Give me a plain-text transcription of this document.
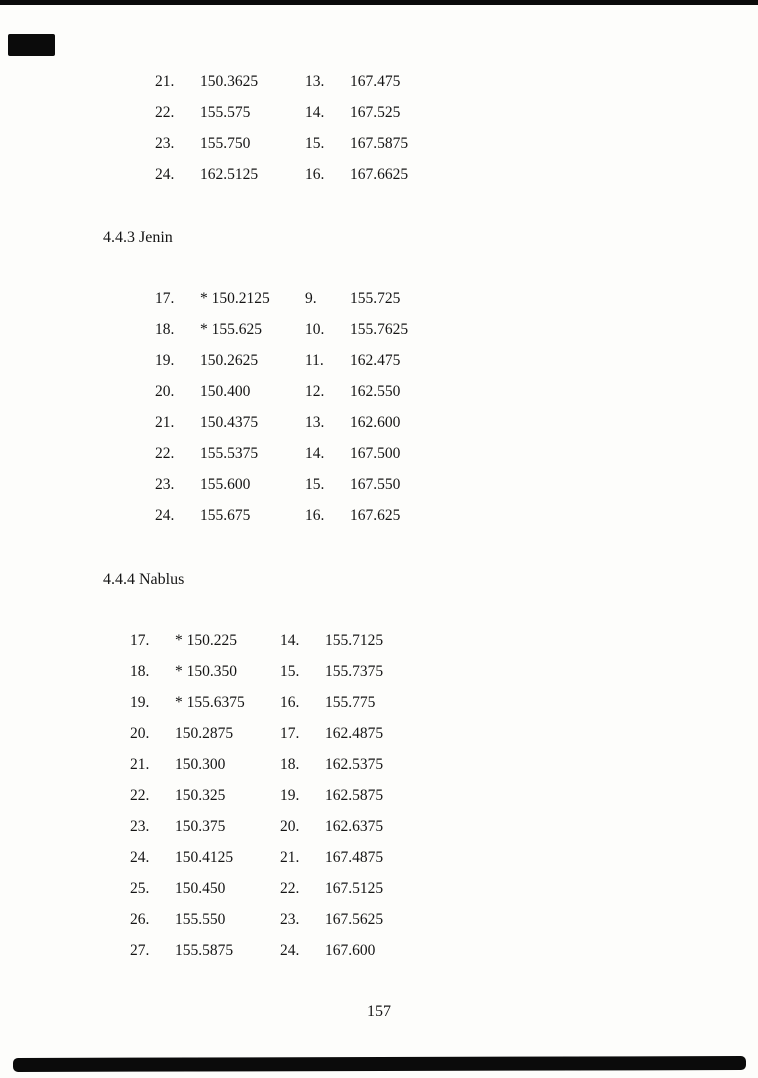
21.	150.3625	13.	167.475
22.	155.575	14.	167.525
23.	155.750	15.	167.5875
24.	162.5125	16.	167.6625
4.4.3 Jenin
17.	* 150.2125	9.	155.725
18.	* 155.625	10.	155.7625
19.	150.2625	11.	162.475
20.	150.400	12.	162.550
21.	150.4375	13.	162.600
22.	155.5375	14.	167.500
23.	155.600	15.	167.550
24.	155.675	16.	167.625
4.4.4 Nablus
17.	* 150.225	14.	155.7125
18.	* 150.350	15.	155.7375
19.	* 155.6375	16.	155.775
20.	150.2875	17.	162.4875
21.	150.300	18.	162.5375
22.	150.325	19.	162.5875
23.	150.375	20.	162.6375
24.	150.4125	21.	167.4875
25.	150.450	22.	167.5125
26.	155.550	23.	167.5625
27.	155.5875	24.	167.600
157
